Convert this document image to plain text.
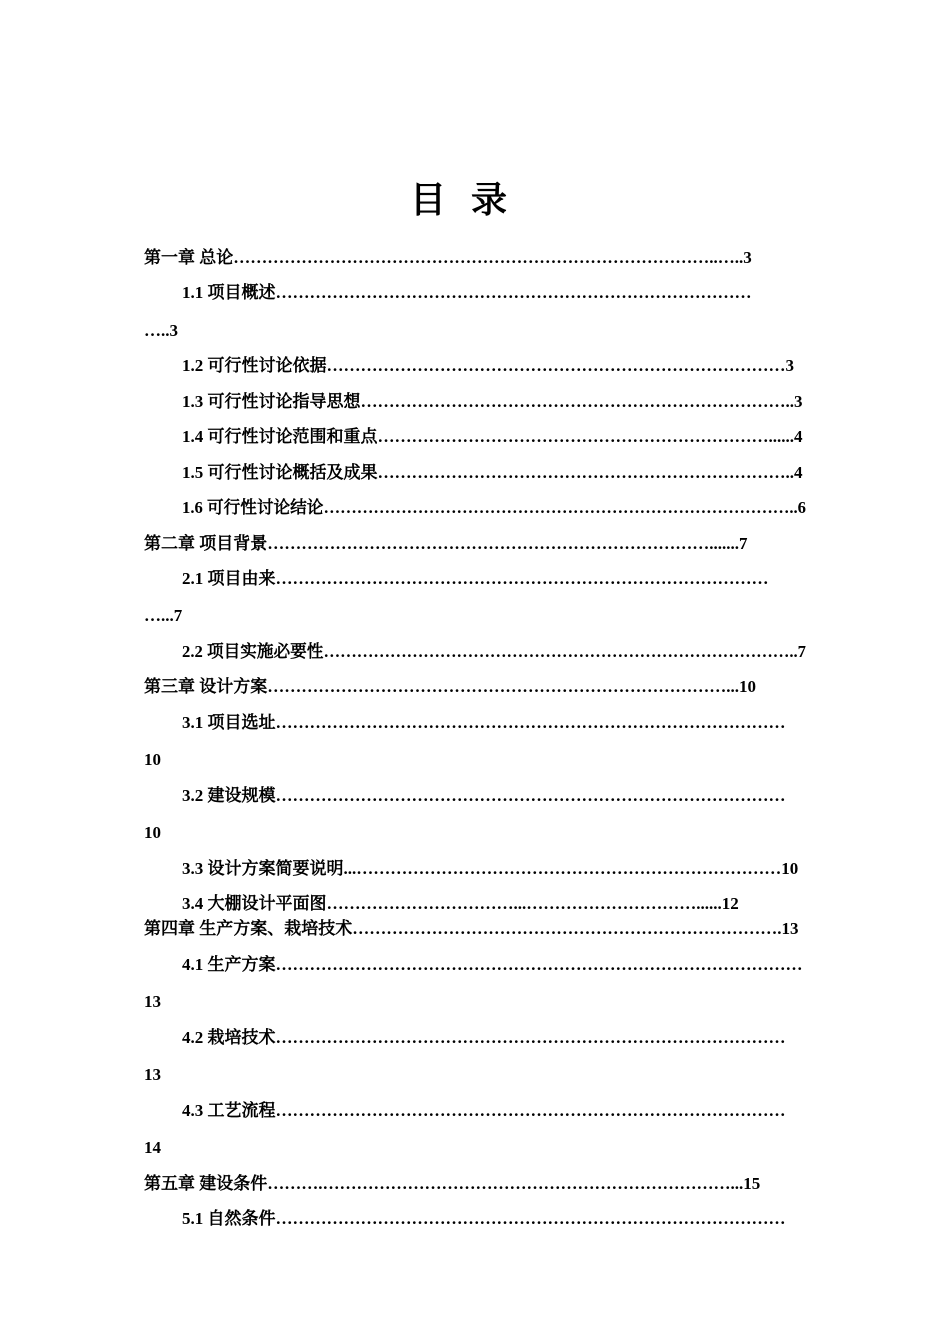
目 录
第一章 总论…………………………………………………………………………..…..3
1.1 项目概述…………………………………………………………………………
…..3
1.2 可行性讨论依据………………………………………………………………………3
1.3 可行性讨论指导思想…………………………………………………………………..3
1.4 可行性讨论范围和重点……………………………………………………………......4
1.5 可行性讨论概括及成果………………………………………………………………..4
1.6 可行性讨论结论…………………………………………………………………………..6
第二章 项目背景…………………………………………………………………….......7
2.1 项目由来……………………………………………………………………………
…...7
2.2 项目实施必要性…………………………………………………………………………..7
第三章 设计方案………………………………………………………………………...10
3.1 项目选址………………………………………………………………………………
10
3.2 建设规模………………………………………………………………………………
10
3.3 设计方案简要说明...…………………………………………………………………10
3.4 大棚设计平面图……………………………...…………………………......12
第四章 生产方案、栽培技术………………………………………………………………….13
4.1 生产方案…………………………………………………………………………………
13
4.2 栽培技术………………………………………………………………………………
13
4.3 工艺流程………………………………………………………………………………
14
第五章 建设条件……….………………………………………………………………...15
5.1 自然条件………………………………………………………………………………
